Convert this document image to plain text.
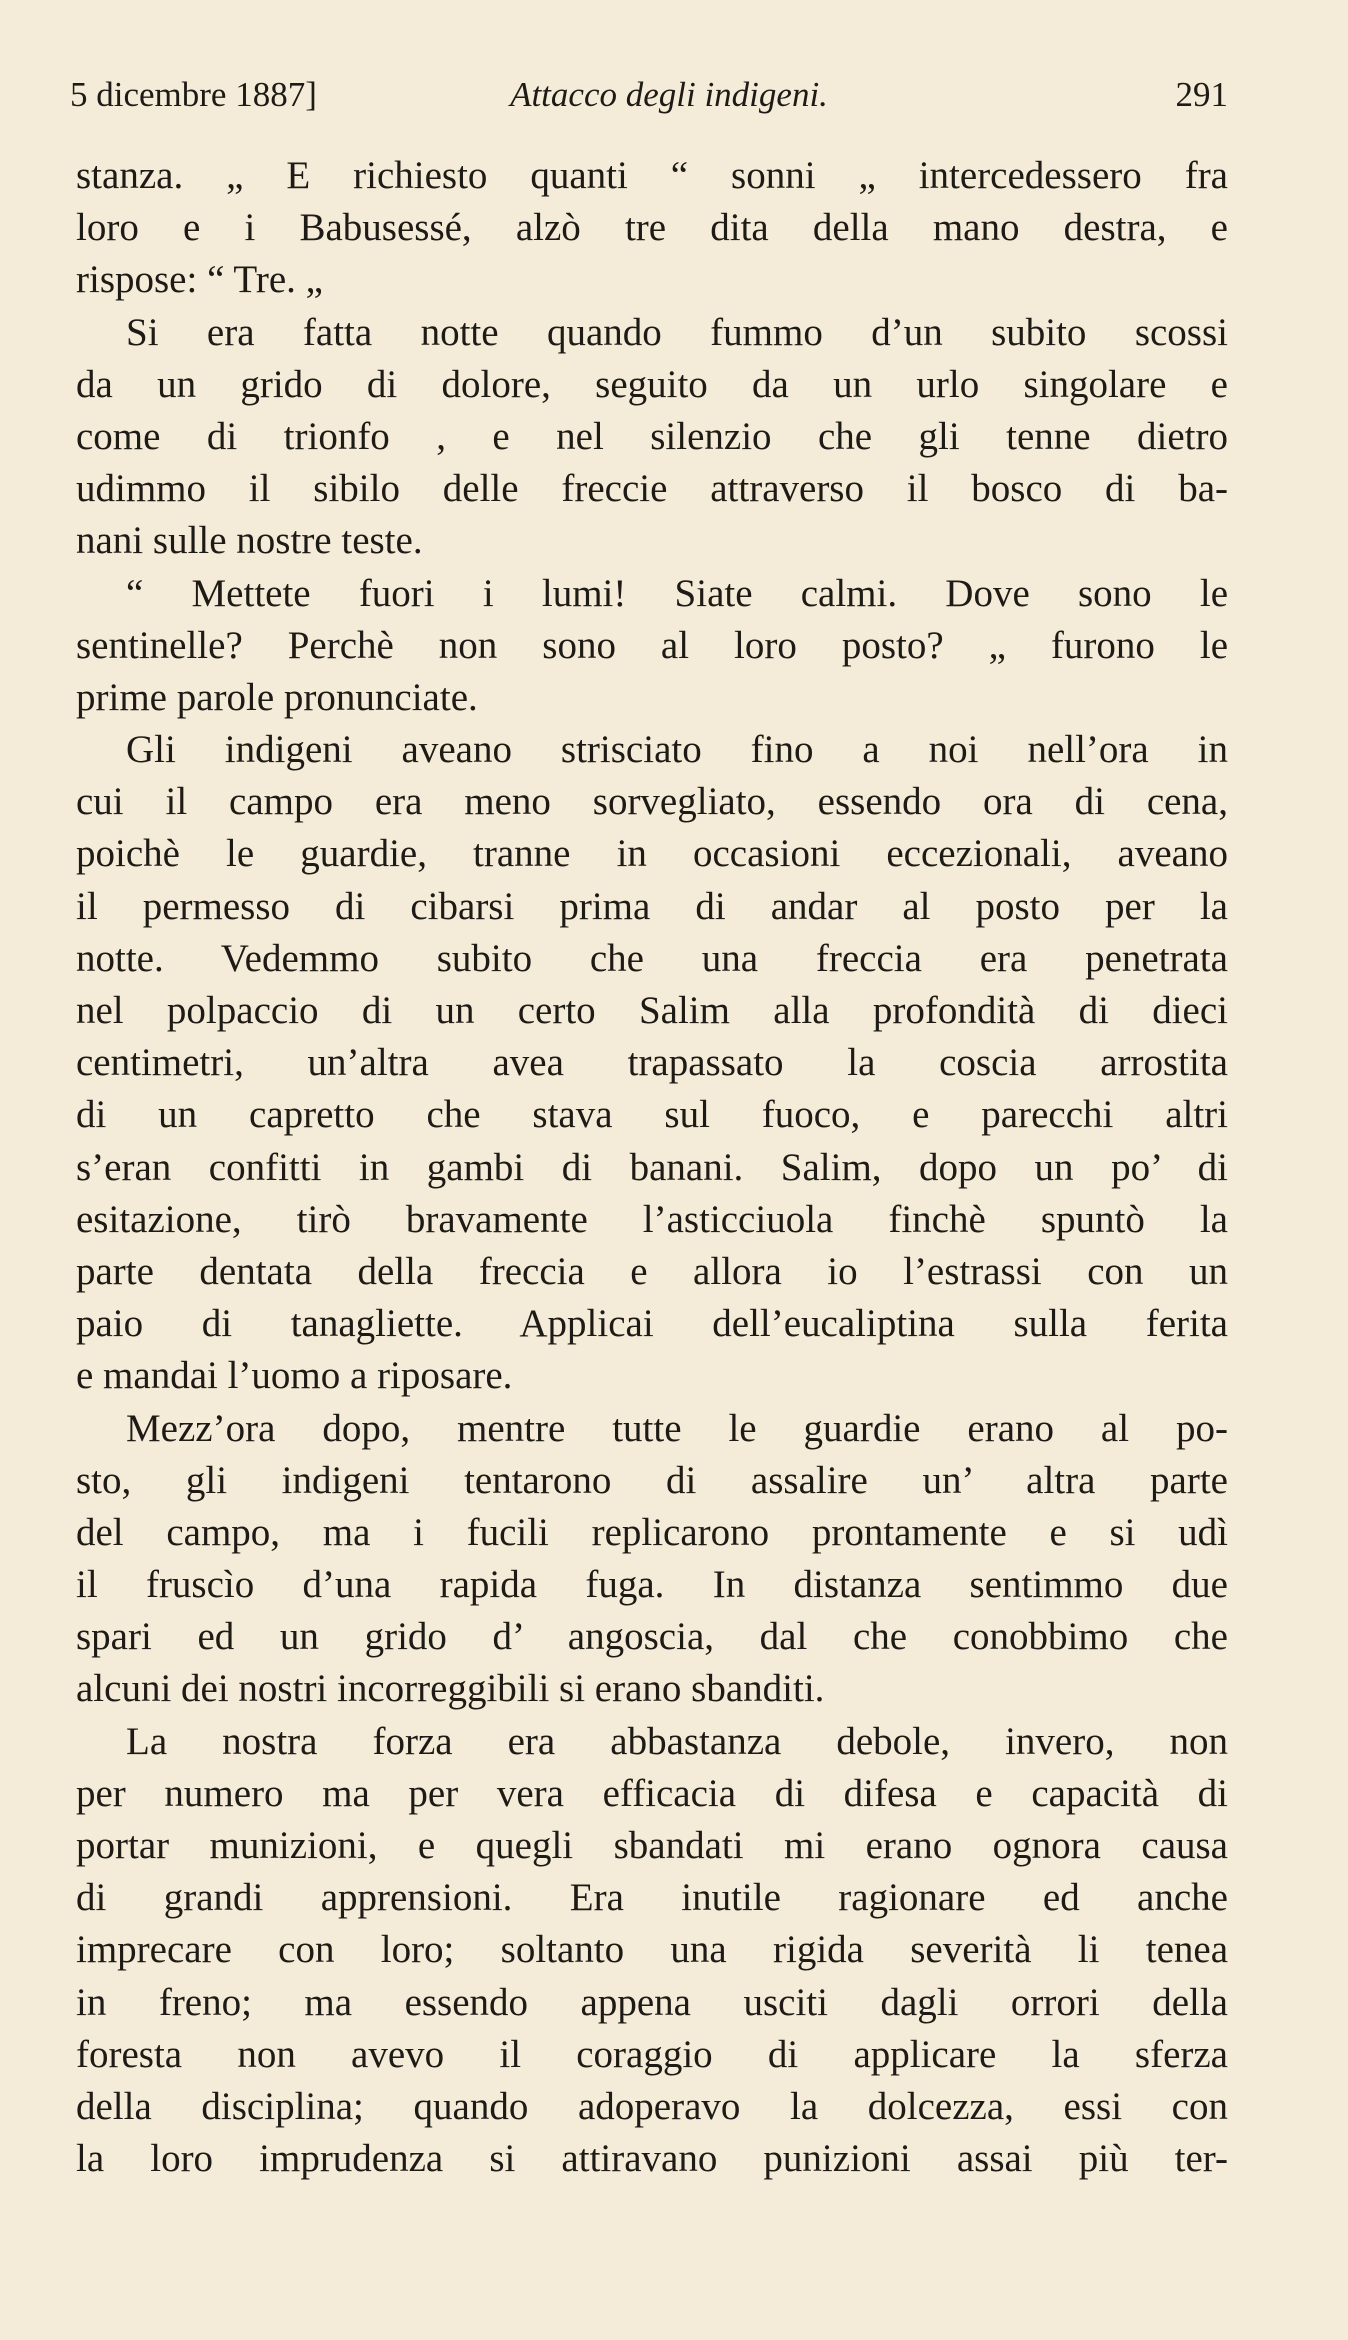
5 dicembre 1887]	Attacco degli indigeni.	291
stanza. „ E richiesto quanti “ sonni „ intercedessero fra
loro e i Babusessé, alzò tre dita della mano destra, e
rispose: “ Tre. „
Si era fatta notte quando fummo d’un subito scossi
da un grido di dolore, seguito da un urlo singolare e
come di trionfo , e nel silenzio che gli tenne dietro
udimmo il sibilo delle freccie attraverso il bosco di ba-
nani sulle nostre teste.
“ Mettete fuori i lumi! Siate calmi. Dove sono le
sentinelle? Perchè non sono al loro posto? „ furono le
prime parole pronunciate.
Gli indigeni aveano strisciato fino a noi nell’ora in
cui il campo era meno sorvegliato, essendo ora di cena,
poichè le guardie, tranne in occasioni eccezionali, aveano
il permesso di cibarsi prima di andar al posto per la
notte. Vedemmo subito che una freccia era penetrata
nel polpaccio di un certo Salim alla profondità di dieci
centimetri, un’altra avea trapassato la coscia arrostita
di un capretto che stava sul fuoco, e parecchi altri
s’eran confitti in gambi di banani. Salim, dopo un po’ di
esitazione, tirò bravamente l’asticciuola finchè spuntò la
parte dentata della freccia e allora io l’estrassi con un
paio di tanagliette. Applicai dell’eucaliptina sulla ferita
e mandai l’uomo a riposare.
Mezz’ora dopo, mentre tutte le guardie erano al po-
sto, gli indigeni tentarono di assalire un’ altra parte
del campo, ma i fucili replicarono prontamente e si udì
il fruscìo d’una rapida fuga. In distanza sentimmo due
spari ed un grido d’ angoscia, dal che conobbimo che
alcuni dei nostri incorreggibili si erano sbanditi.
La nostra forza era abbastanza debole, invero, non
per numero ma per vera efficacia di difesa e capacità di
portar munizioni, e quegli sbandati mi erano ognora causa
di grandi apprensioni. Era inutile ragionare ed anche
imprecare con loro; soltanto una rigida severità li tenea
in freno; ma essendo appena usciti dagli orrori della
foresta non avevo il coraggio di applicare la sferza
della disciplina; quando adoperavo la dolcezza, essi con
la loro imprudenza si attiravano punizioni assai più ter-
